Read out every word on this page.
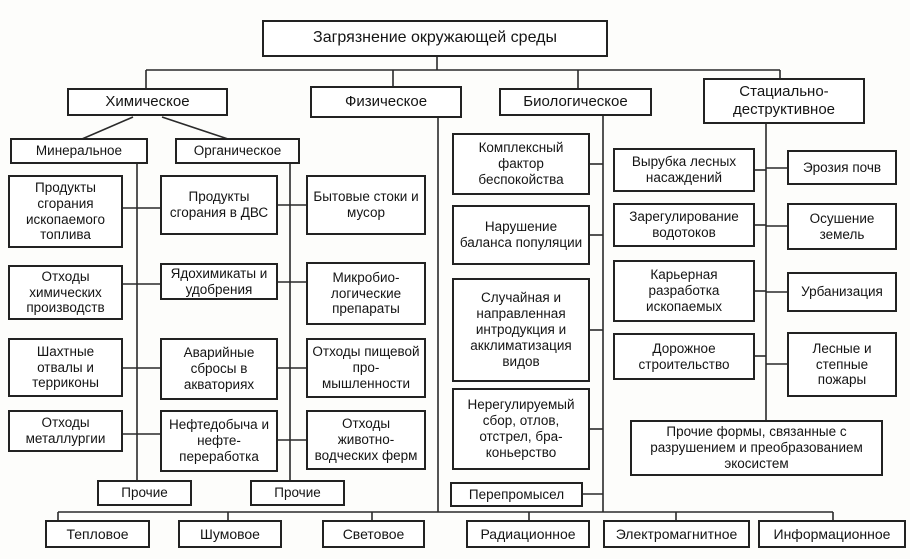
Загрязнение окружающей среды
Химическое	Физическое	Биологическое
Стациально-деструктивное
Минеральное	Органическое
Продукты сгорания ископаемого топлива
Отходы химических производств
Шахтные отвалы и терриконы
Отходы металлургии
Продукты сгорания в ДВС
Ядохимикаты и удобрения
Аварийные сбросы в акваториях
Нефтедобыча и нефте-переработка
Бытовые стоки и мусор
Микробио-логические препараты
Отходы пищевой про-мышленности
Отходы животно-водческих ферм
Прочие	Прочие
Комплексный фактор беспокойства
Нарушение баланса популяции
Случайная и направленная интродукция и акклиматизация видов
Нерегулируемый сбор, отлов, отстрел, бра-коньерство
Перепромысел
Вырубка лесных насаждений
Зарегулирование водотоков
Карьерная разработка ископаемых
Дорожное строительство
Эрозия почв
Осушение земель
Урбанизация
Лесные и степные пожары
Прочие формы, связанные с разрушением и преобразованием экосистем
Тепловое	Шумовое	Световое	Радиационное	Электромагнитное	Информационное
